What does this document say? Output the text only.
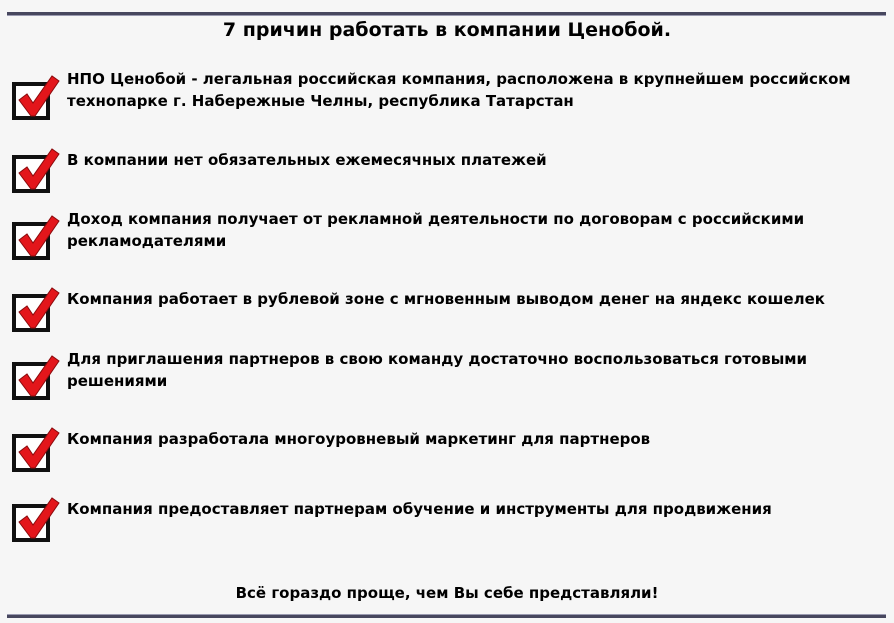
7 причин работать в компании Ценобой.
НПО Ценобой - легальная российская компания, расположена в крупнейшем российском технопарке г. Набережные Челны, республика Татарстан
В компании нет обязательных ежемесячных платежей
Доход компания получает от рекламной деятельности по договорам с российскими рекламодателями
Компания работает в рублевой зоне с мгновенным выводом денег на яндекс кошелек
Для приглашения партнеров в свою команду достаточно воспользоваться готовыми решениями
Компания разработала многоуровневый маркетинг для партнеров
Компания предоставляет партнерам обучение и инструменты для продвижения
Всё гораздо проще, чем Вы себе представляли!
